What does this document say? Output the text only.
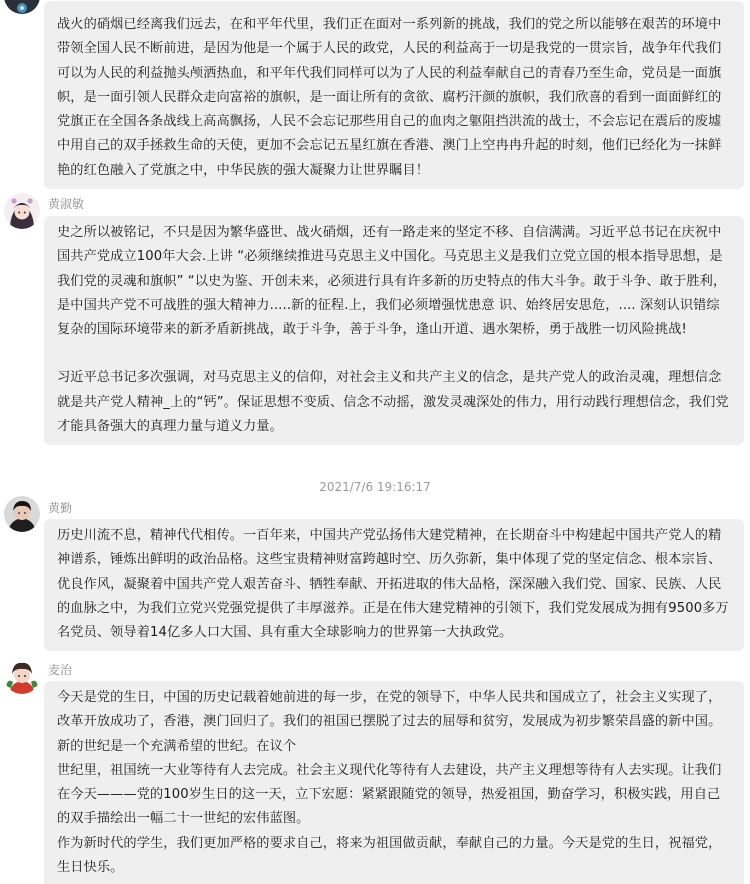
战火的硝烟已经离我们远去，在和平年代里，我们正在面对一系列新的挑战，我们的党之所以能够在艰苦的环境中带领全国人民不断前进，是因为他是一个属于人民的政党，人民的利益高于一切是我党的一贯宗旨，战争年代我们可以为人民的利益抛头颅洒热血，和平年代我们同样可以为了人民的利益奉献自己的青春乃至生命，党员是一面旗帜，是一面引领人民群众走向富裕的旗帜，是一面让所有的贪欲、腐朽汗颜的旗帜，我们欣喜的看到一面面鲜红的党旗正在全国各条战线上高高飘扬，人民不会忘记那些用自己的血肉之躯阻挡洪流的战士，不会忘记在震后的废墟中用自己的双手拯救生命的天使，更加不会忘记五星红旗在香港、澳门上空冉冉升起的时刻，他们已经化为一抹鲜艳的红色融入了党旗之中，中华民族的强大凝聚力让世界瞩目！

黄淑敏

史之所以被铭记，不只是因为繁华盛世、战火硝烟，还有一路走来的坚定不移、自信满满。习近平总书记在庆祝中国共产党成立100年大会.上讲 “必须继续推进马克思主义中国化。马克思主义是我们立党立国的根本指导思想，是我们党的灵魂和旗帜” “以史为鉴、开创未来，必须进行具有许多新的历史特点的伟大斗争。敢于斗争、敢于胜利，是中国共产党不可战胜的强大精神力.....新的征程.上，我们必须增强忧患意 识、始终居安思危，.... 深刻认识错综复杂的国际环境带来的新矛盾新挑战，敢于斗争，善于斗争，逢山开道、遇水架桥，勇于战胜一切风险挑战!

习近平总书记多次强调，对马克思主义的信仰，对社会主义和共产主义的信念，是共产党人的政治灵魂，理想信念就是共产党人精神_上的“钙”。保证思想不变质、信念不动摇，激发灵魂深处的伟力，用行动践行理想信念，我们党才能具备强大的真理力量与道义力量。

2021/7/6 19:16:17
黄勤

历史川流不息，精神代代相传。一百年来，中国共产党弘扬伟大建党精神，在长期奋斗中构建起中国共产党人的精神谱系，锤炼出鲜明的政治品格。这些宝贵精神财富跨越时空、历久弥新，集中体现了党的坚定信念、根本宗旨、优良作风，凝聚着中国共产党人艰苦奋斗、牺牲奉献、开拓进取的伟大品格，深深融入我们党、国家、民族、人民的血脉之中，为我们立党兴党强党提供了丰厚滋养。正是在伟大建党精神的引领下，我们党发展成为拥有9500多万名党员、领导着14亿多人口大国、具有重大全球影响力的世界第一大执政党。

麦治

今天是党的生日，中国的历史记载着她前进的每一步，在党的领导下，中华人民共和国成立了，社会主义实现了，改革开放成功了，香港，澳门回归了。我们的祖国已摆脱了过去的屈辱和贫穷，发展成为初步繁荣昌盛的新中国。新的世纪是一个充满希望的世纪。在议个
世纪里，祖国统一大业等待有人去完成。社会主义现代化等待有人去建设，共产主义理想等待有人去实现。让我们在今天———党的100岁生日的这一天，立下宏愿：紧紧跟随党的领导，热爱祖国，勤奋学习，积极实践，用自己的双手描绘出一幅二十一世纪的宏伟蓝图。
作为新时代的学生，我们更加严格的要求自己，将来为祖国做贡献，奉献自己的力量。今天是党的生日，祝福党，生日快乐。
